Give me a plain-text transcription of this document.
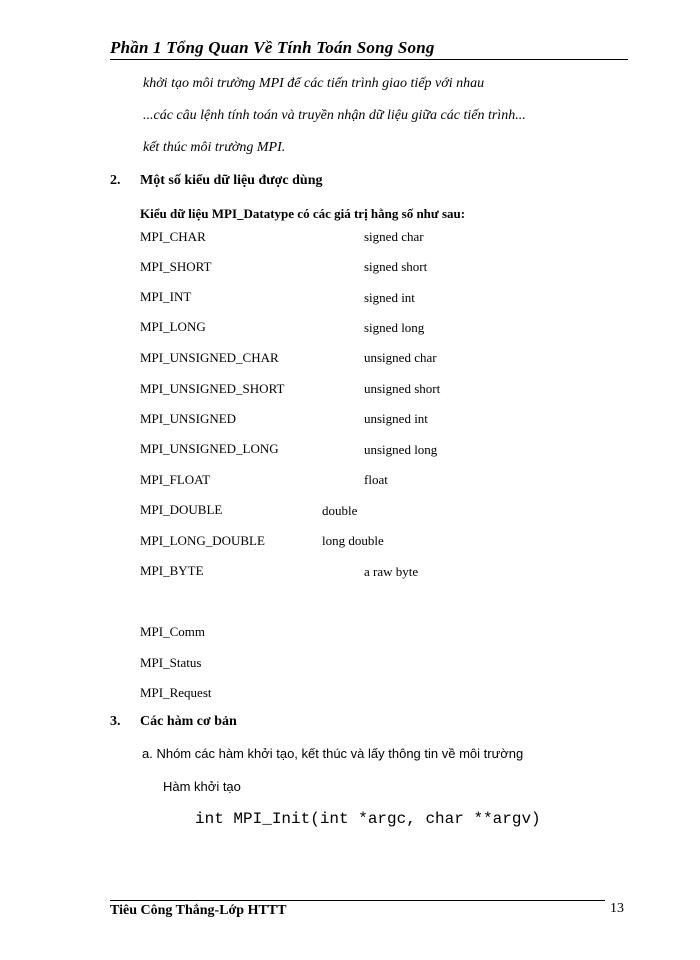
Phần 1 Tổng Quan Về Tính Toán Song Song
khởi tạo môi trường MPI để các tiến trình giao tiếp với nhau
...các câu lệnh tính toán và truyền nhận dữ liệu giữa các tiến trình...
kết thúc môi trường MPI.
2. Một số kiểu dữ liệu được dùng
Kiểu dữ liệu MPI_Datatype có các giá trị hằng số như sau:
MPI_CHAR	signed char
MPI_SHORT	signed short
MPI_INT	signed int
MPI_LONG	signed long
MPI_UNSIGNED_CHAR	unsigned char
MPI_UNSIGNED_SHORT	unsigned short
MPI_UNSIGNED	unsigned int
MPI_UNSIGNED_LONG	unsigned long
MPI_FLOAT	float
MPI_DOUBLE	double
MPI_LONG_DOUBLE	long double
MPI_BYTE	a raw byte
MPI_Comm
MPI_Status
MPI_Request
3. Các hàm cơ bản
a. Nhóm các hàm khởi tạo, kết thúc và lấy thông tin về môi trường
Hàm khởi tạo
int MPI_Init(int *argc, char **argv)
Tiêu Công Thắng-Lớp HTTT	13
